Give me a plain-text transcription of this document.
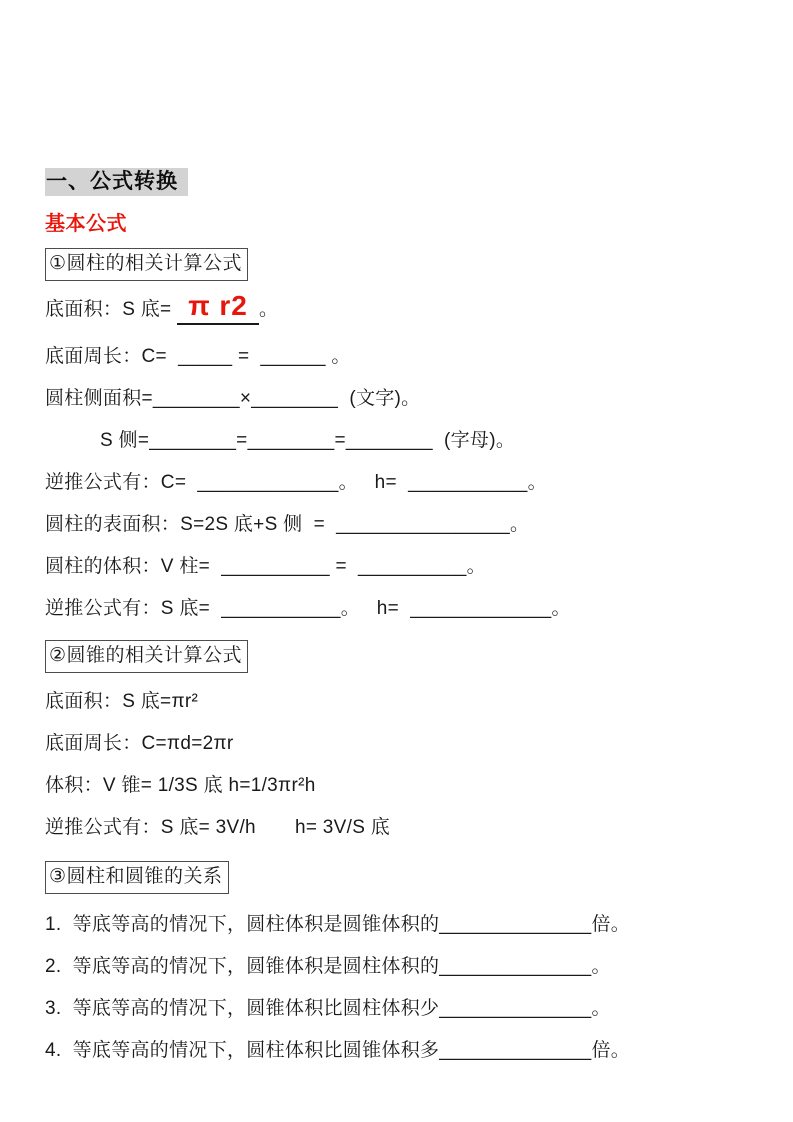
一、公式转换
基本公式
①圆柱的相关计算公式

底面积：S 底= π r2 。

底面周长：C=  _____ =  ______ 。

圆柱侧面积=________×________  (文字)。

S 侧=________=________=________  (字母)。

逆推公式有：C=  _____________。   h=  ___________。

圆柱的表面积：S=2S 底+S 侧  =  ________________。

圆柱的体积：V 柱=  __________ =  __________。

逆推公式有：S 底=  ___________。   h=  _____________。

②圆锥的相关计算公式

底面积：S 底=πr²

底面周长：C=πd=2πr

体积：V 锥= 1/3S 底 h=1/3πr²h

逆推公式有：S 底= 3V/h       h= 3V/S 底

③圆柱和圆锥的关系

1.  等底等高的情况下，圆柱体积是圆锥体积的______________倍。

2.  等底等高的情况下，圆锥体积是圆柱体积的______________。

3.  等底等高的情况下，圆锥体积比圆柱体积少______________。

4.  等底等高的情况下，圆柱体积比圆锥体积多______________倍。
